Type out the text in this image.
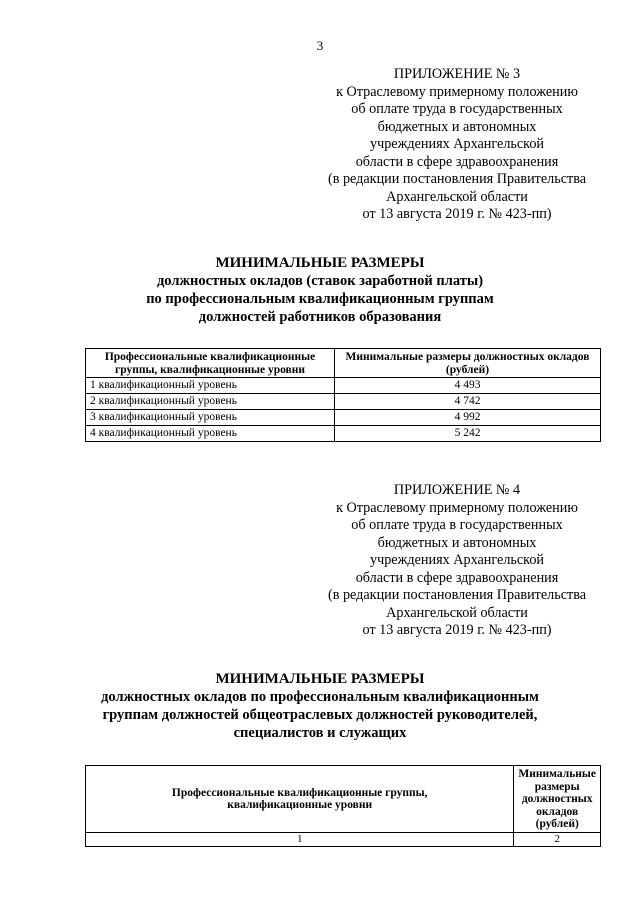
3
ПРИЛОЖЕНИЕ № 3
к Отраслевому примерному положению
об оплате труда в государственных
бюджетных и автономных
учреждениях Архангельской
области в сфере здравоохранения
(в редакции постановления Правительства
Архангельской области
от 13 августа 2019 г. № 423-пп)
МИНИМАЛЬНЫЕ РАЗМЕРЫ
должностных окладов (ставок заработной платы)
по профессиональным квалификационным группам
должностей работников образования
Профессиональные квалификационные группы, квалификационные уровни	Минимальные размеры должностных окладов (рублей)
1 квалификационный уровень	4 493
2 квалификационный уровень	4 742
3 квалификационный уровень	4 992
4 квалификационный уровень	5 242
ПРИЛОЖЕНИЕ № 4
к Отраслевому примерному положению
об оплате труда в государственных
бюджетных и автономных
учреждениях Архангельской
области в сфере здравоохранения
(в редакции постановления Правительства
Архангельской области
от 13 августа 2019 г. № 423-пп)
МИНИМАЛЬНЫЕ РАЗМЕРЫ
должностных окладов по профессиональным квалификационным
группам должностей общеотраслевых должностей руководителей,
специалистов и служащих
Профессиональные квалификационные группы, квалификационные уровни	Минимальные размеры должностных окладов (рублей)
1	2
